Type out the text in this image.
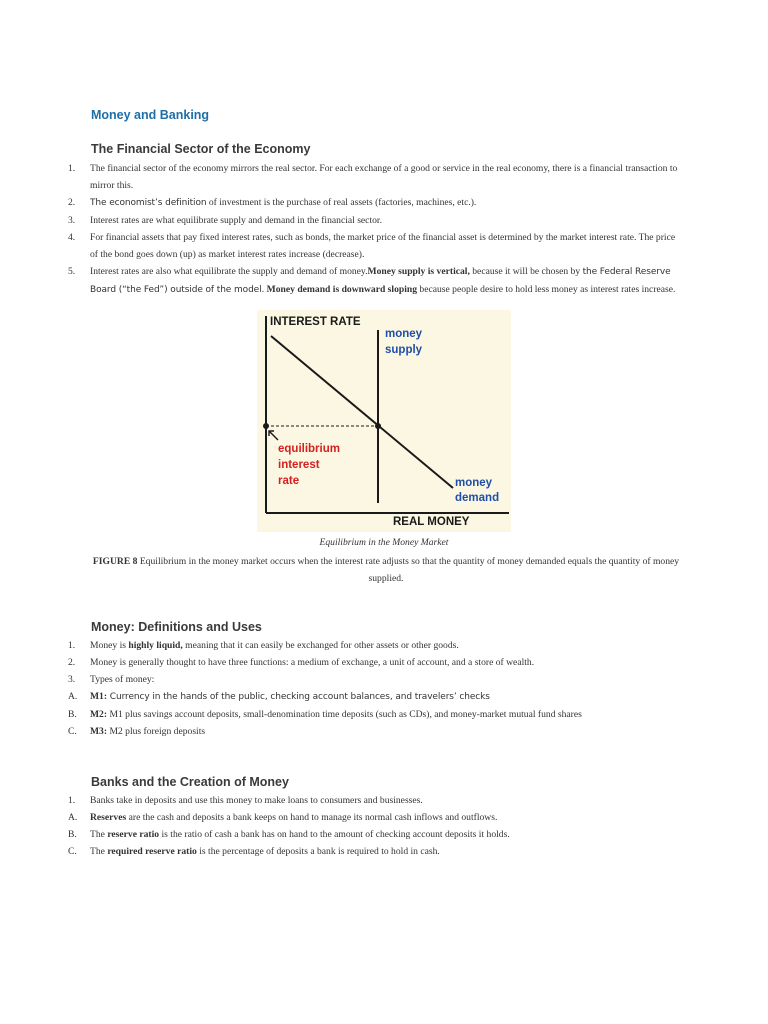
Money and Banking
The Financial Sector of the Economy
1.	The financial sector of the economy mirrors the real sector. For each exchange of a good or service in the real economy, there is a financial transaction to mirror this.
2.	The economist’s definition of investment is the purchase of real assets (factories, machines, etc.).
3.	Interest rates are what equilibrate supply and demand in the financial sector.
4.	For financial assets that pay fixed interest rates, such as bonds, the market price of the financial asset is determined by the market interest rate. The price of the bond goes down (up) as market interest rates increase (decrease).
5.	Interest rates are also what equilibrate the supply and demand of money.Money supply is vertical, because it will be chosen by the Federal Reserve Board (“the Fed”) outside of the model. Money demand is downward sloping because people desire to hold less money as interest rates increase.
INTEREST RATE
money
supply
equilibrium
interest
rate	money
demand
REAL MONEY
Equilibrium in the Money Market
FIGURE 8 Equilibrium in the money market occurs when the interest rate adjusts so that the quantity of money demanded equals the quantity of money supplied.
Money: Definitions and Uses
1.	Money is highly liquid, meaning that it can easily be exchanged for other assets or other goods.
2.	Money is generally thought to have three functions: a medium of exchange, a unit of account, and a store of wealth.
3.	Types of money:
A.	M1: Currency in the hands of the public, checking account balances, and travelers’ checks
B.	M2: M1 plus savings account deposits, small-denomination time deposits (such as CDs), and money-market mutual fund shares
C.	M3: M2 plus foreign deposits
Banks and the Creation of Money
1.	Banks take in deposits and use this money to make loans to consumers and businesses.
A.	Reserves are the cash and deposits a bank keeps on hand to manage its normal cash inflows and outflows.
B.	The reserve ratio is the ratio of cash a bank has on hand to the amount of checking account deposits it holds.
C.	The required reserve ratio is the percentage of deposits a bank is required to hold in cash.
